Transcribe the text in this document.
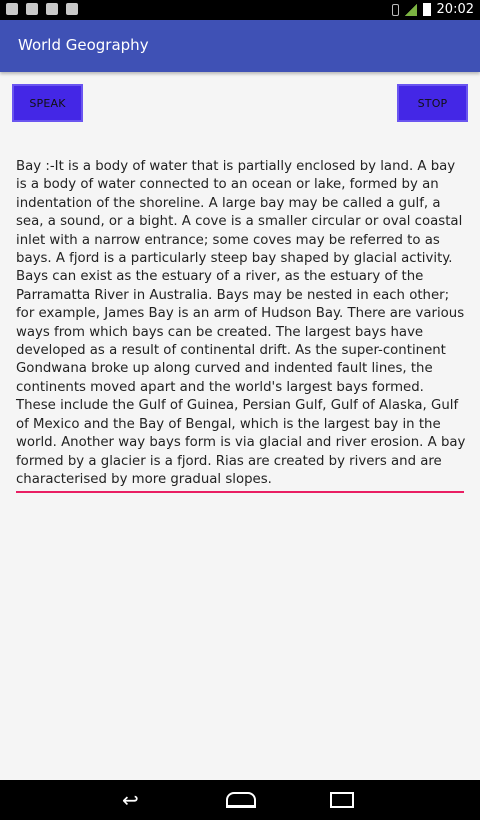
20:02
World Geography
SPEAK	STOP
Bay :-It is a body of water that is partially enclosed by land. A bay is a body of water connected to an ocean or lake, formed by an indentation of the shoreline. A large bay may be called a gulf, a sea, a sound, or a bight. A cove is a smaller circular or oval coastal inlet with a narrow entrance; some coves may be referred to as bays. A fjord is a particularly steep bay shaped by glacial activity. Bays can exist as the estuary of a river, as the estuary of the Parramatta River in Australia. Bays may be nested in each other; for example, James Bay is an arm of Hudson Bay. There are various ways from which bays can be created. The largest bays have developed as a result of continental drift. As the super-continent Gondwana broke up along curved and indented fault lines, the continents moved apart and the world's largest bays formed. These include the Gulf of Guinea, Persian Gulf, Gulf of Alaska, Gulf of Mexico and the Bay of Bengal, which is the largest bay in the world. Another way bays form is via glacial and river erosion. A bay formed by a glacier is a fjord. Rias are created by rivers and are characterised by more gradual slopes.
↩
